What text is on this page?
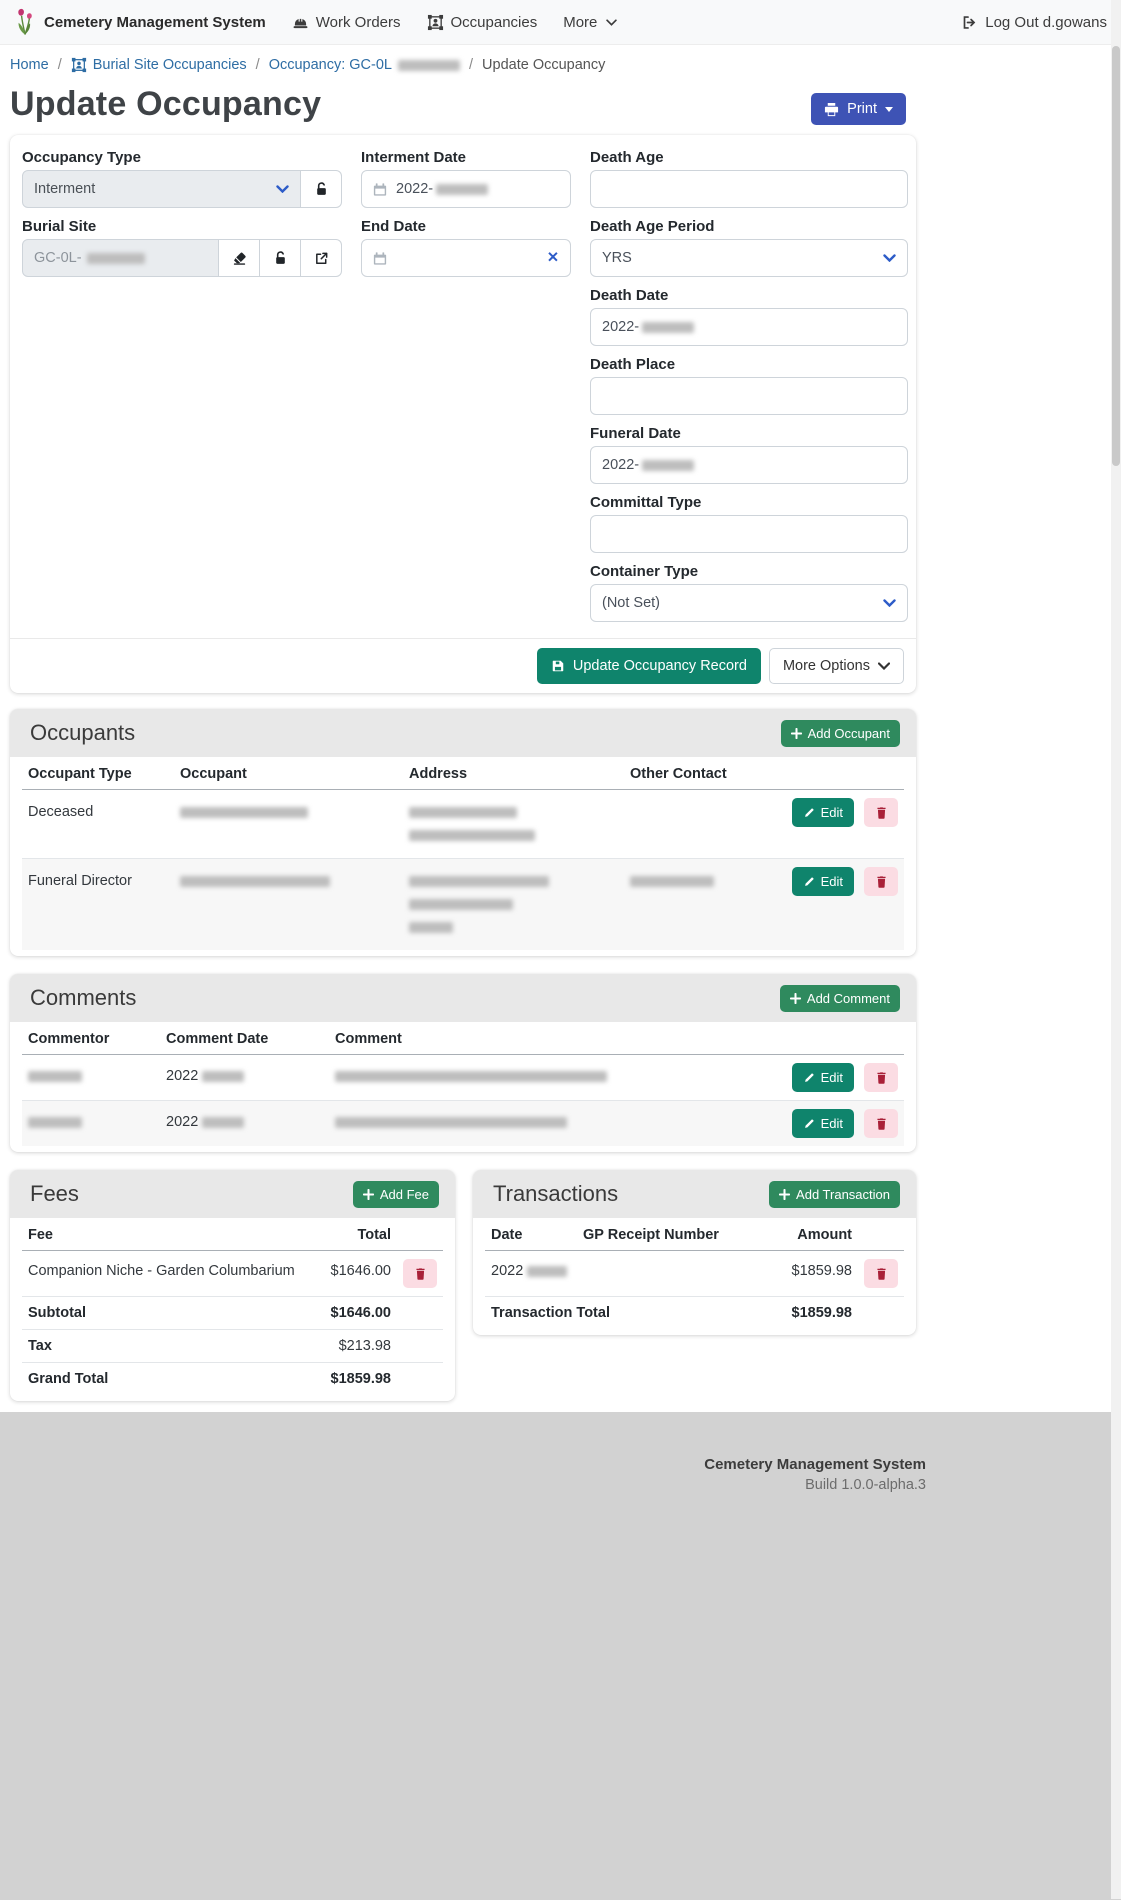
Cemetery Management System	Work Orders	Occupancies More	Log Out d.gowans
Home / Burial Site Occupancies / Occupancy: GC-0L	/ Update Occupancy
Update Occupancy	Print
Occupancy Type
Interment
Burial Site
GC-0L-
Interment Date
2022-
End Date
✕
Death Age
Death Age Period
YRS
Death Date
2022-
Death Place
Funeral Date
2022-
Committal Type
Container Type
(Not Set)
Update Occupancy Record More Options
Occupants	Add Occupant
Occupant Type	Occupant	Address	Other Contact	
Deceased				Edit

Funeral Director				Edit
Comments	Add Comment
Commentor	Comment Date	Comment	
	2022		Edit

	2022		Edit
Fees	Add Fee
Fee	Total	
Companion Niche - Garden Columbarium	$1646.00	

Subtotal	$1646.00	
Tax	$213.98	
Grand Total	$1859.98	
Transactions	Add Transaction
Date	GP Receipt Number	Amount	
2022		$1859.98	

Transaction Total		$1859.98	
Cemetery Management System
Build 1.0.0-alpha.3
